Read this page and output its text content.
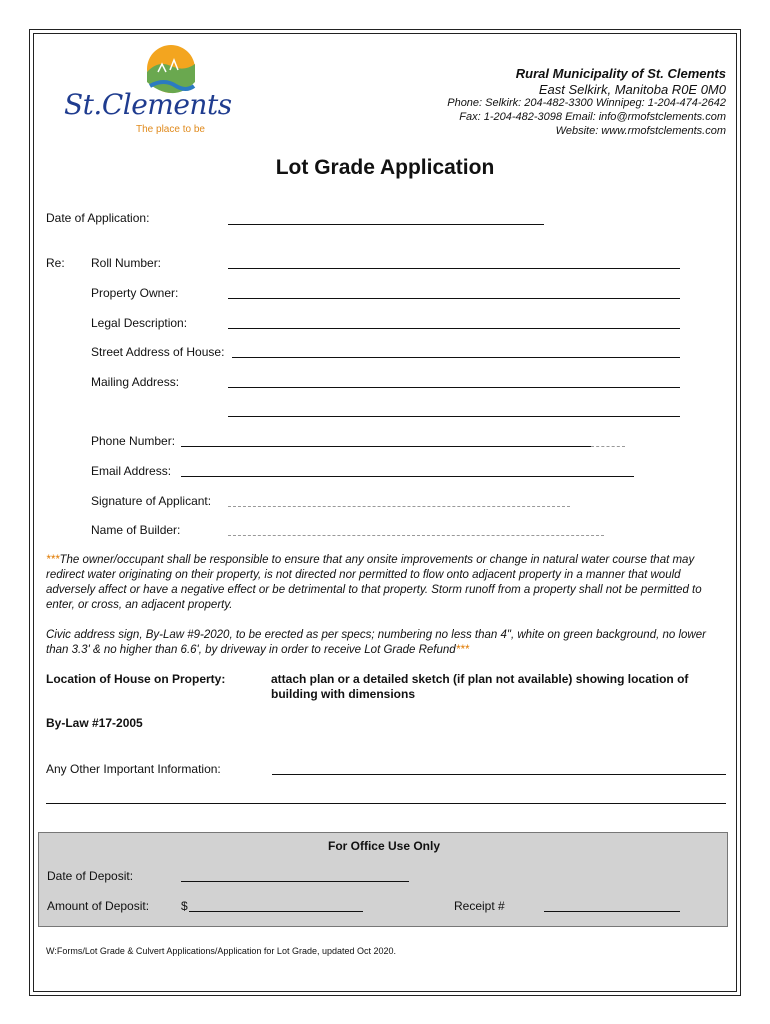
St.Clements
The place to be
Rural Municipality of St. Clements
East Selkirk, Manitoba R0E 0M0
Phone: Selkirk: 204-482-3300 Winnipeg: 1-204-474-2642
Fax: 1-204-482-3098 Email: info@rmofstclements.com
Website: www.rmofstclements.com
Lot Grade Application
Date of Application:
Re: Roll Number:
Property Owner:
Legal Description:
Street Address of House:
Mailing Address:
Phone Number:
Email Address:
Signature of Applicant:
Name of Builder:
***The owner/occupant shall be responsible to ensure that any onsite improvements or change in natural water course that may redirect water originating on their property, is not directed nor permitted to flow onto adjacent property in a manner that would adversely affect or have a negative effect or be detrimental to that property. Storm runoff from a property shall not be permitted to enter, or cross, an adjacent property.
Civic address sign, By-Law #9-2020, to be erected as per specs; numbering no less than 4", white on green background, no lower than 3.3' & no higher than 6.6', by driveway in order to receive Lot Grade Refund***
Location of House on Property:	attach plan or a detailed sketch (if plan not available) showing location of building with dimensions
By-Law #17-2005
Any Other Important Information:
For Office Use Only
Date of Deposit:
Amount of Deposit:	$	Receipt #
W:Forms/Lot Grade & Culvert Applications/Application for Lot Grade, updated Oct 2020.
